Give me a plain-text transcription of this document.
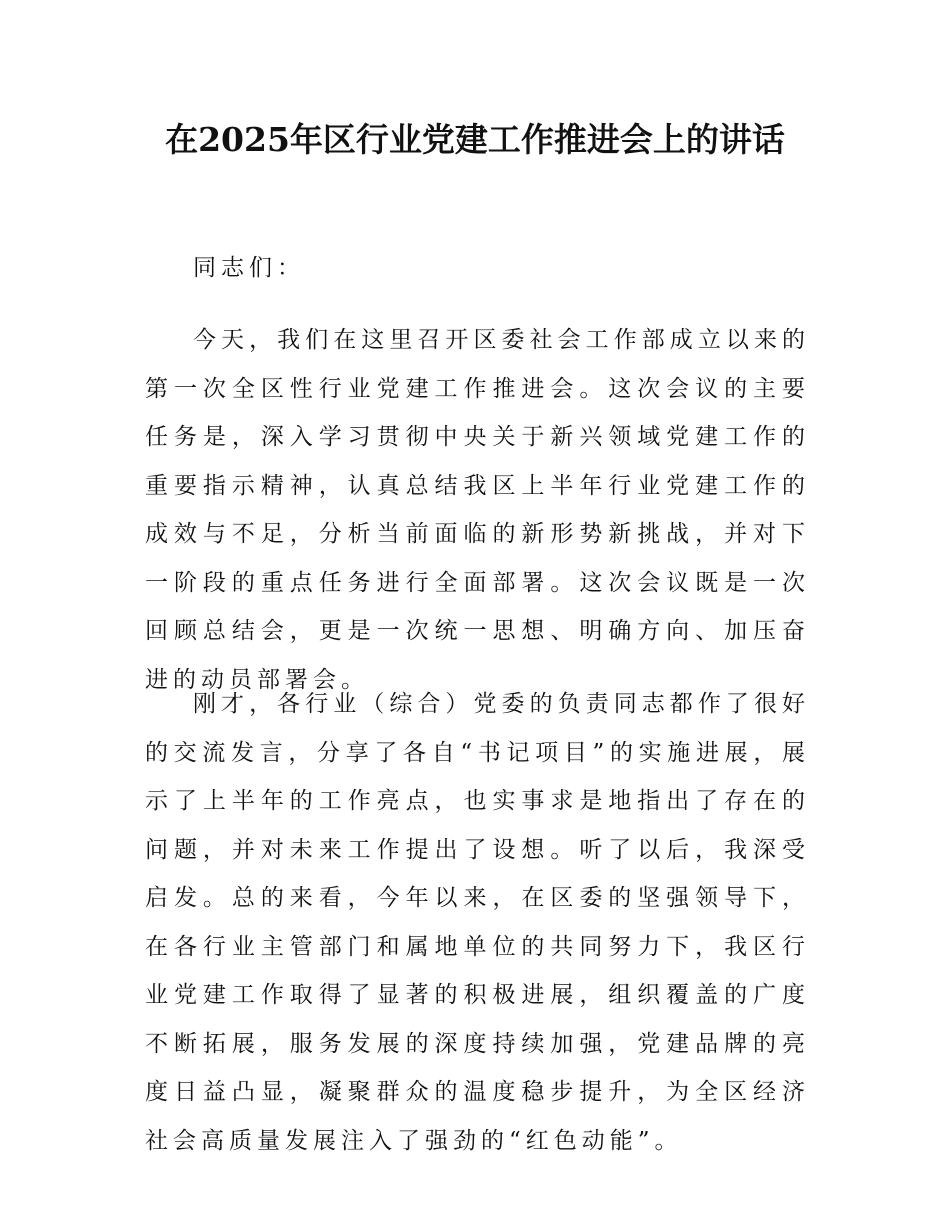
在2025年区行业党建工作推进会上的讲话

同志们：

今天，我们在这里召开区委社会工作部成立以来的第一次全区性行业党建工作推进会。这次会议的主要任务是，深入学习贯彻中央关于新兴领域党建工作的重要指示精神，认真总结我区上半年行业党建工作的成效与不足，分析当前面临的新形势新挑战，并对下一阶段的重点任务进行全面部署。这次会议既是一次回顾总结会，更是一次统一思想、明确方向、加压奋进的动员部署会。

刚才，各行业（综合）党委的负责同志都作了很好的交流发言，分享了各自“书记项目”的实施进展，展示了上半年的工作亮点，也实事求是地指出了存在的问题，并对未来工作提出了设想。听了以后，我深受启发。总的来看，今年以来，在区委的坚强领导下，在各行业主管部门和属地单位的共同努力下，我区行业党建工作取得了显著的积极进展，组织覆盖的广度不断拓展，服务发展的深度持续加强，党建品牌的亮度日益凸显，凝聚群众的温度稳步提升，为全区经济社会高质量发展注入了强劲的“红色动能”。
